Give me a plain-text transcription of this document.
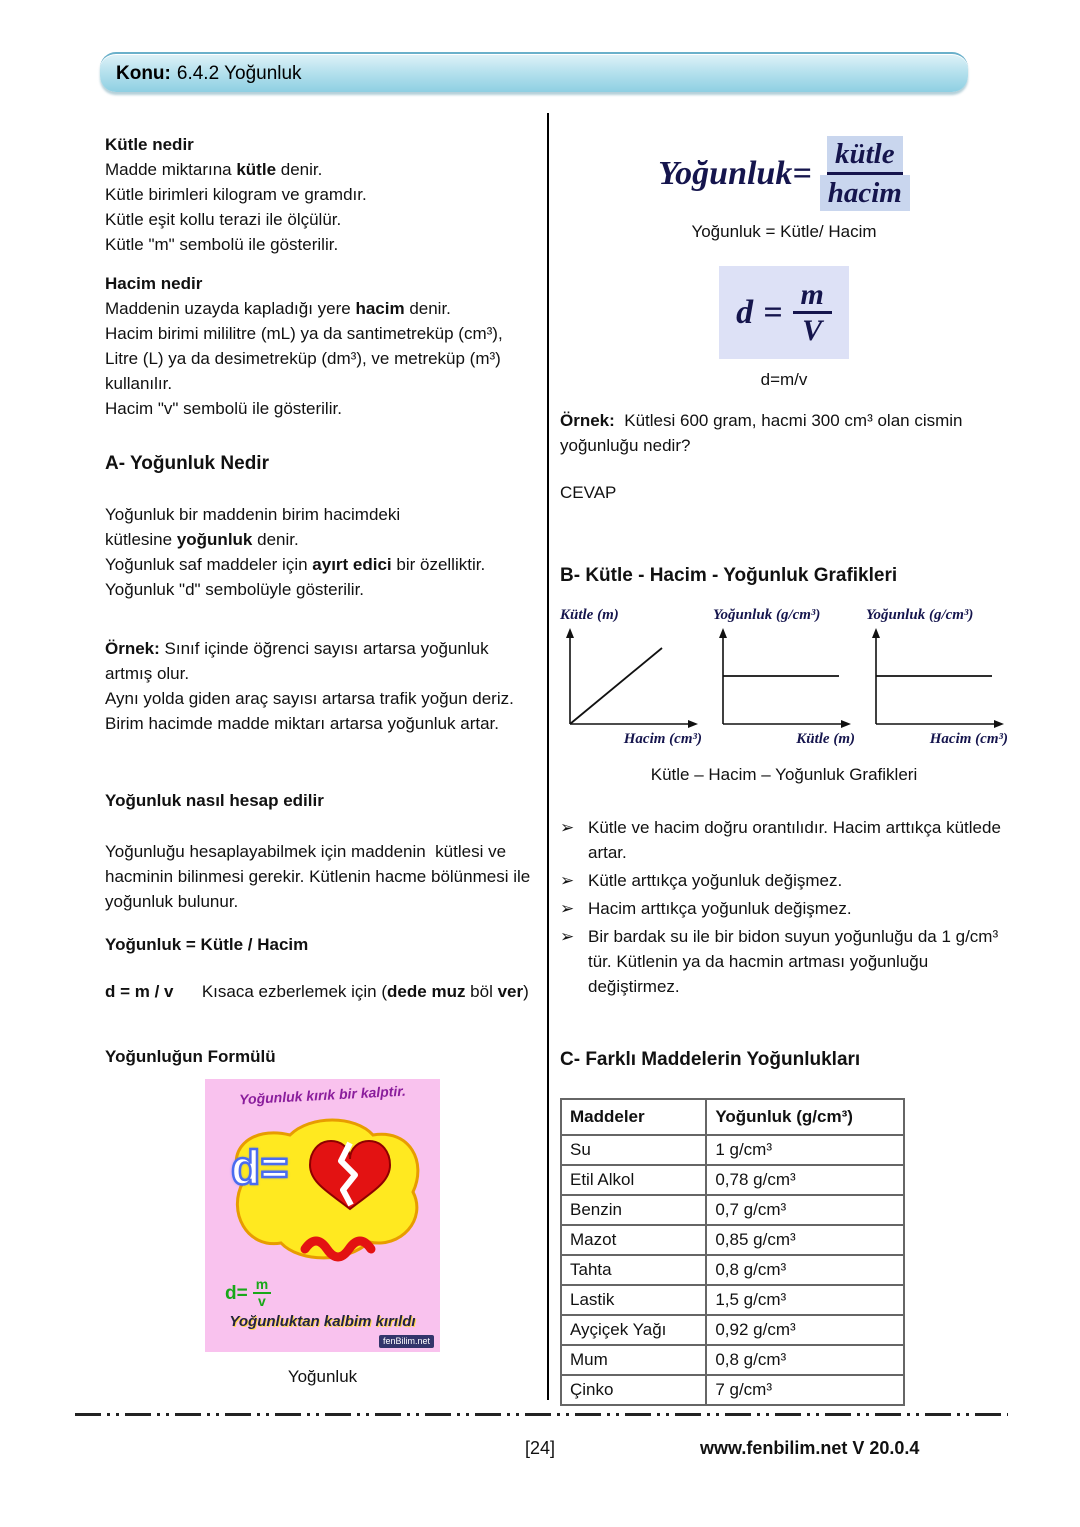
Konu: 6.4.2 Yoğunluk
Kütle nedir
Madde miktarına kütle denir.
Kütle birimleri kilogram ve gramdır.
Kütle eşit kollu terazi ile ölçülür.
Kütle "m" sembolü ile gösterilir.
Hacim nedir
Maddenin uzayda kapladığı yere hacim denir.
Hacim birimi mililitre (mL) ya da santimetreküp (cm³),
Litre (L) ya da desimetreküp (dm³), ve metreküp (m³)
kullanılır.
Hacim "v" sembolü ile gösterilir.
A- Yoğunluk Nedir
Yoğunluk bir maddenin birim hacimdeki
kütlesine yoğunluk denir.
Yoğunluk saf maddeler için ayırt edici bir özelliktir.
Yoğunluk "d" sembolüyle gösterilir.
Örnek: Sınıf içinde öğrenci sayısı artarsa yoğunluk
artmış olur.
Aynı yolda giden araç sayısı artarsa trafik yoğun deriz.
Birim hacimde madde miktarı artarsa yoğunluk artar.
Yoğunluk nasıl hesap edilir
Yoğunluğu hesaplayabilmek için maddenin  kütlesi ve
hacminin bilinmesi gerekir. Kütlenin hacme bölünmesi ile
yoğunluk bulunur.
Yoğunluk = Kütle / Hacim
d = m / v      Kısaca ezberlemek için (dede muz böl ver)
Yoğunluğun Formülü
Yoğunluk kırık bir kalptir.
d=
$d= \frac{m}{v}$
Yoğunluktan kalbim kırıldı
fenBilim.net
Yoğunluk
Yoğunluk= $\frac{\text{kütle}}{\text{hacim}}$
Yoğunluk = Kütle/ Hacim
$d = \frac{m}{V}$
d=m/v
Örnek:  Kütlesi 600 gram, hacmi 300 cm³ olan cismin
yoğunluğu nedir?
CEVAP
B- Kütle - Hacim - Yoğunluk Grafikleri
Kütle (m)
Hacim (cm³)
Yoğunluk (g/cm³)
Kütle (m)
Yoğunluk (g/cm³)
Hacim (cm³)
Kütle – Hacim – Yoğunluk Grafikleri
➢ Kütle ve hacim doğru orantılıdır. Hacim arttıkça kütlede artar.
➢ Kütle arttıkça yoğunluk değişmez.
➢ Hacim arttıkça yoğunluk değişmez.
➢ Bir bardak su ile bir bidon suyun yoğunluğu da 1 g/cm³ tür. Kütlenin ya da hacmin artması yoğunluğu değiştirmez.
C- Farklı Maddelerin Yoğunlukları
Maddeler	Yoğunluk (g/cm³)
Su	1 g/cm³
Etil Alkol	0,78 g/cm³
Benzin	0,7 g/cm³
Mazot	0,85 g/cm³
Tahta	0,8 g/cm³
Lastik	1,5 g/cm³
Ayçiçek Yağı	0,92 g/cm³
Mum	0,8 g/cm³
Çinko	7 g/cm³
[24]	www.fenbilim.net V 20.0.4
